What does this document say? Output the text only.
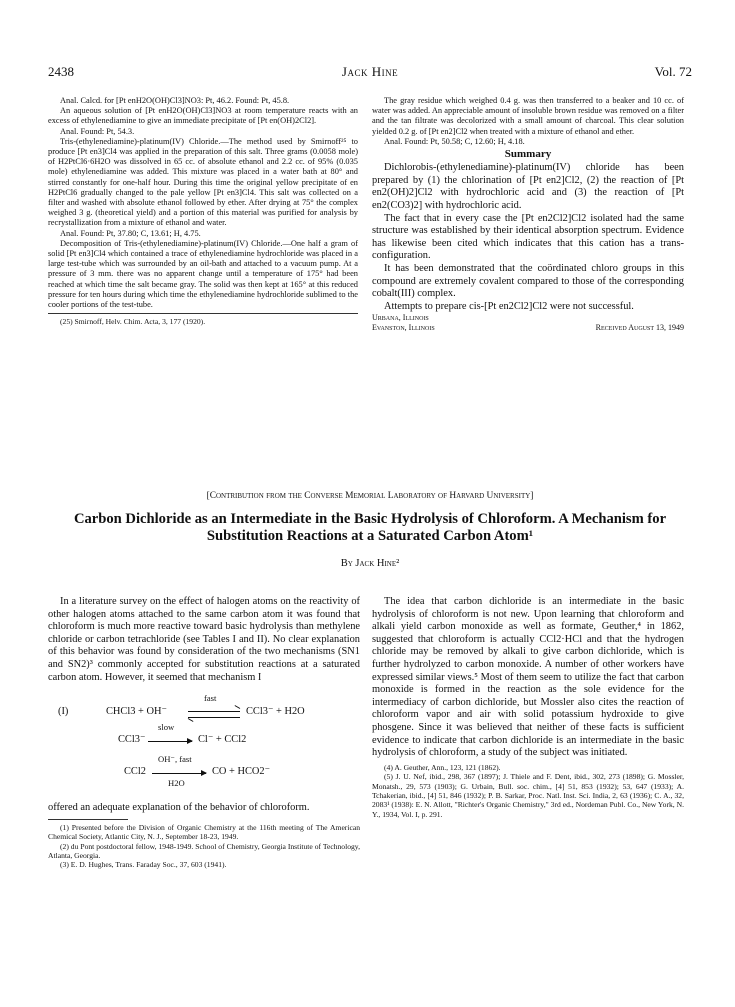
2438	Jack Hine	Vol. 72

Anal. Calcd. for [Pt enH2O(OH)Cl3]NO3: Pt, 46.2. Found: Pt, 45.8.

An aqueous solution of [Pt enH2O(OH)Cl3]NO3 at room temperature reacts with an excess of ethylenediamine to give an immediate precipitate of [Pt en(OH)2Cl2].

Anal. Found: Pt, 54.3.

Tris-(ethylenediamine)-platinum(IV) Chloride.—The method used by Smirnoff²⁵ to produce [Pt en3]Cl4 was applied in the preparation of this salt. Three grams (0.0058 mole) of H2PtCl6·6H2O was dissolved in 65 cc. of absolute ethanol and 2.2 cc. of 95% (0.035 mole) ethylenediamine was added. This mixture was placed in a water bath at 80° and stirred constantly for one-half hour. During this time the original yellow precipitate of en H2PtCl6 gradually changed to the pale yellow [Pt en3]Cl4. This salt was collected on a filter and washed with absolute ethanol followed by ether. After drying at 75° the complex weighed 3 g. (theoretical yield) and a portion of this material was purified for analysis by recrystallization from a mixture of ethanol and water.

Anal. Found: Pt, 37.80; C, 13.61; H, 4.75.

Decomposition of Tris-(ethylenediamine)-platinum(IV) Chloride.—One half a gram of solid [Pt en3]Cl4 which contained a trace of ethylenediamine hydrochloride was placed in a large test-tube which was surrounded by an oil-bath and attached to a vacuum pump. At a pressure of 3 mm. there was no apparent change until a temperature of 175° had been reached at which time the salt became gray. The solid was then kept at 165° at this reduced pressure for ten hours during which time the ethylenediamine hydrochloride sublimed to the cooler portions of the test-tube.

(25) Smirnoff, Helv. Chim. Acta, 3, 177 (1920).

The gray residue which weighed 0.4 g. was then transferred to a beaker and 10 cc. of water was added. An appreciable amount of insoluble brown residue was removed on a filter and the tan filtrate was decolorized with a small amount of charcoal. This clear solution yielded 0.2 g. of [Pt en2]Cl2 when treated with a mixture of ethanol and ether.

Anal. Found: Pt, 50.58; C, 12.60; H, 4.18.

Summary

Dichlorobis-(ethylenediamine)-platinum(IV) chloride has been prepared by (1) the chlorination of [Pt en2]Cl2, (2) the reaction of [Pt en2(OH)2]Cl2 with hydrochloric acid and (3) the reaction of [Pt en2(CO3)2] with hydrochloric acid.

The fact that in every case the [Pt en2Cl2]Cl2 isolated had the same structure was established by their identical absorption spectrum. Evidence has likewise been cited which indicates that this cation has a trans-configuration.

It has been demonstrated that the coördinated chloro groups in this compound are extremely covalent compared to those of the corresponding cobalt(III) complex.

Attempts to prepare cis-[Pt en2Cl2]Cl2 were not successful.

Urbana, Illinois
Evanston, Illinois	Received August 13, 1949
[Contribution from the Converse Memorial Laboratory of Harvard University]
Carbon Dichloride as an Intermediate in the Basic Hydrolysis of Chloroform. A Mechanism for Substitution Reactions at a Saturated Carbon Atom¹
By Jack Hine²

In a literature survey on the effect of halogen atoms on the reactivity of other halogen atoms attached to the same carbon atom it was found that chloroform is much more reactive toward basic hydrolysis than methylene chloride or carbon tetrachloride (see Tables I and II). No clear explanation of this behavior was found by consideration of the two mechanisms (SN1 and SN2)³ commonly accepted for substitution reactions at a saturated carbon atom. However, it seemed that mechanism I

(I)	CHCl3 + OH⁻
fast
CCl3⁻ + H2O
CCl3⁻
slow
Cl⁻ + CCl2
CCl2
OH⁻, fast
H2O
CO + HCO2⁻

offered an adequate explanation of the behavior of chloroform.

(1) Presented before the Division of Organic Chemistry at the 116th meeting of The American Chemical Society, Atlantic City, N. J., September 18-23, 1949.

(2) du Pont postdoctoral fellow, 1948-1949. School of Chemistry, Georgia Institute of Technology, Atlanta, Georgia.

(3) E. D. Hughes, Trans. Faraday Soc., 37, 603 (1941).

The idea that carbon dichloride is an intermediate in the basic hydrolysis of chloroform is not new. Upon learning that chloroform and alkali yield carbon monoxide as well as formate, Geuther,⁴ in 1862, suggested that chloroform is actually CCl2·HCl and that the hydrogen chloride may be removed by alkali to give carbon dichloride, which is further hydrolyzed to carbon monoxide. A number of other workers have expressed similar views.⁵ Most of them seem to utilize the fact that carbon monoxide is formed in the reaction as the sole evidence for the intermediacy of carbon dichloride, but Mossler also cites the reaction of chloroform vapor and air with solid potassium hydroxide to give phosgene. Since it was believed that neither of these facts is sufficient evidence to indicate that carbon dichloride is an intermediate in the basic hydrolysis of chloroform, a study of the subject was initiated.

(4) A. Geuther, Ann., 123, 121 (1862).

(5) J. U. Nef, ibid., 298, 367 (1897); J. Thiele and F. Dent, ibid., 302, 273 (1898); G. Mossler, Monatsh., 29, 573 (1903); G. Urbain, Bull. soc. chim., [4] 51, 853 (1932); 53, 647 (1933); A. Tchakerian, ibid., [4] 51, 846 (1932); P. B. Sarkar, Proc. Natl. Inst. Sci. India, 2, 63 (1936); C. A., 32, 2083¹ (1938): E. N. Allott, "Richter's Organic Chemistry," 3rd ed., Nordeman Publ. Co., New York, N. Y., 1934, Vol. I, p. 291.
